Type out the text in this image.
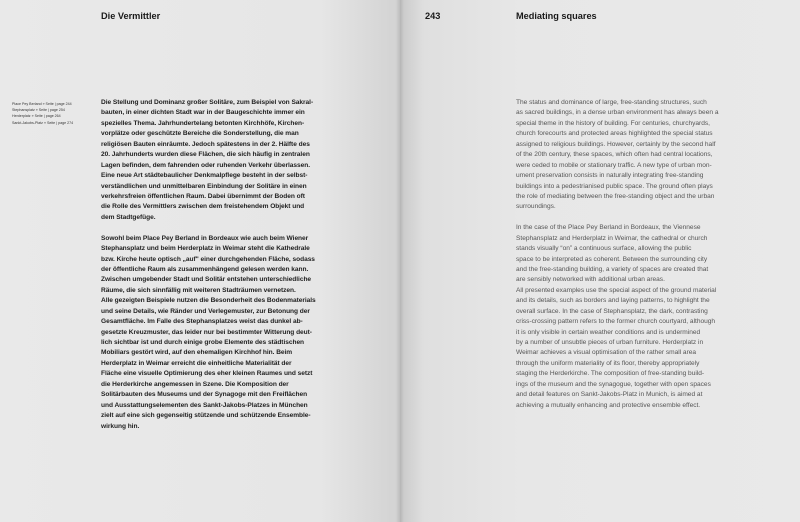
Die Vermittler
Place Pey Berland » Seite | page 244
Stephansplatz » Seite | page 254
Herderplatz » Seite | page 264
Sankt-Jakobs-Platz » Seite | page 274
Die Stellung und Dominanz großer Solitäre, zum Beispiel von Sakral-
bauten, in einer dichten Stadt war in der Baugeschichte immer ein
spezielles Thema. Jahrhundertelang betonten Kirchhöfe, Kirchen-
vorplätze oder geschützte Bereiche die Sonderstellung, die man
religiösen Bauten einräumte. Jedoch spätestens in der 2. Hälfte des
20. Jahrhunderts wurden diese Flächen, die sich häufig in zentralen
Lagen befinden, dem fahrenden oder ruhenden Verkehr überlassen.
Eine neue Art städtebaulicher Denkmalpflege besteht in der selbst-
verständlichen und unmittelbaren Einbindung der Solitäre in einen
verkehrsfreien öffentlichen Raum. Dabei übernimmt der Boden oft
die Rolle des Vermittlers zwischen dem freistehendem Objekt und
dem Stadtgefüge.
Sowohl beim Place Pey Berland in Bordeaux wie auch beim Wiener
Stephansplatz und beim Herderplatz in Weimar steht die Kathedrale
bzw. Kirche heute optisch „auf" einer durchgehenden Fläche, sodass
der öffentliche Raum als zusammenhängend gelesen werden kann.
Zwischen umgebender Stadt und Solitär entstehen unterschiedliche
Räume, die sich sinnfällig mit weiteren Stadträumen vernetzen.
Alle gezeigten Beispiele nutzen die Besonderheit des Bodenmaterials
und seine Details, wie Ränder und Verlegemuster, zur Betonung der
Gesamtfläche. Im Falle des Stephansplatzes weist das dunkel ab-
gesetzte Kreuzmuster, das leider nur bei bestimmter Witterung deut-
lich sichtbar ist und durch einige grobe Elemente des städtischen
Mobiliars gestört wird, auf den ehemaligen Kirchhof hin. Beim
Herderplatz in Weimar erreicht die einheitliche Materialität der
Fläche eine visuelle Optimierung des eher kleinen Raumes und setzt
die Herderkirche angemessen in Szene. Die Komposition der
Solitärbauten des Museums und der Synagoge mit den Freiflächen
und Ausstattungselementen des Sankt-Jakobs-Platzes in München
zielt auf eine sich gegenseitig stützende und schützende Ensemble-
wirkung hin.
243	Mediating squares
The status and dominance of large, free-standing structures, such
as sacred buildings, in a dense urban environment has always been a
special theme in the history of building. For centuries, churchyards,
church forecourts and protected areas highlighted the special status
assigned to religious buildings. However, certainly by the second half
of the 20th century, these spaces, which often had central locations,
were ceded to mobile or stationary traffic. A new type of urban mon-
ument preservation consists in naturally integrating free-standing
buildings into a pedestrianised public space. The ground often plays
the role of mediating between the free-standing object and the urban
surroundings.
In the case of the Place Pey Berland in Bordeaux, the Viennese
Stephansplatz and Herderplatz in Weimar, the cathedral or church
stands visually “on” a continuous surface, allowing the public
space to be interpreted as coherent. Between the surrounding city
and the free-standing building, a variety of spaces are created that
are sensibly networked with additional urban areas.
All presented examples use the special aspect of the ground material
and its details, such as borders and laying patterns, to highlight the
overall surface. In the case of Stephansplatz, the dark, contrasting
criss-crossing pattern refers to the former church courtyard, although
it is only visible in certain weather conditions and is undermined
by a number of unsubtle pieces of urban furniture. Herderplatz in
Weimar achieves a visual optimisation of the rather small area
through the uniform materiality of its floor, thereby appropriately
staging the Herderkirche. The composition of free-standing build-
ings of the museum and the synagogue, together with open spaces
and detail features on Sankt-Jakobs-Platz in Munich, is aimed at
achieving a mutually enhancing and protective ensemble effect.
